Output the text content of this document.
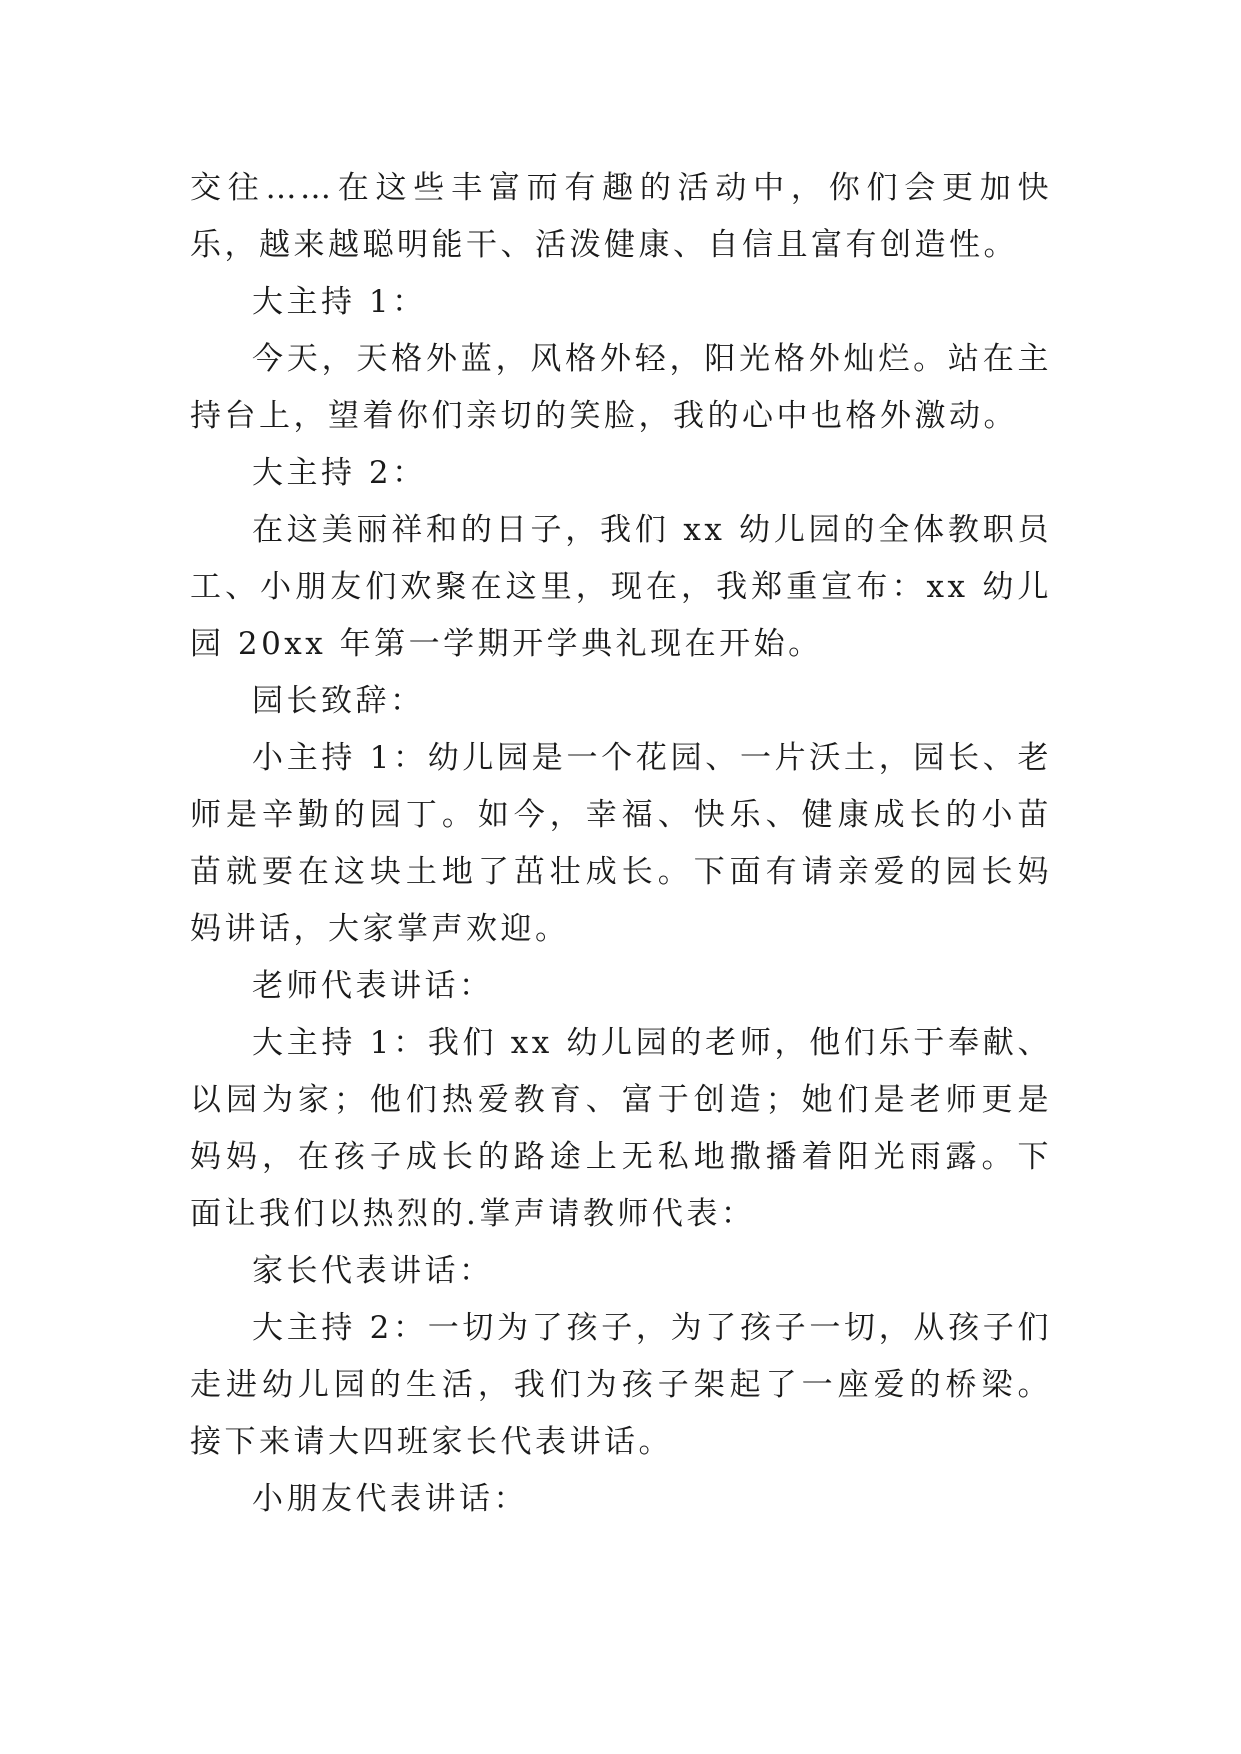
交往……在这些丰富而有趣的活动中，你们会更加快乐，越来越聪明能干、活泼健康、自信且富有创造性。

大主持 1：

今天，天格外蓝，风格外轻，阳光格外灿烂。站在主持台上，望着你们亲切的笑脸，我的心中也格外激动。

大主持 2：

在这美丽祥和的日子，我们 xx 幼儿园的全体教职员工、小朋友们欢聚在这里，现在，我郑重宣布：xx 幼儿园 20xx 年第一学期开学典礼现在开始。

园长致辞：

小主持 1：幼儿园是一个花园、一片沃土，园长、老师是辛勤的园丁。如今，幸福、快乐、健康成长的小苗苗就要在这块土地了茁壮成长。下面有请亲爱的园长妈妈讲话，大家掌声欢迎。

老师代表讲话：

大主持 1：我们 xx 幼儿园的老师，他们乐于奉献、以园为家；他们热爱教育、富于创造；她们是老师更是妈妈，在孩子成长的路途上无私地撒播着阳光雨露。下面让我们以热烈的.掌声请教师代表：

家长代表讲话：

大主持 2：一切为了孩子，为了孩子一切，从孩子们走进幼儿园的生活，我们为孩子架起了一座爱的桥梁。接下来请大四班家长代表讲话。

小朋友代表讲话：
